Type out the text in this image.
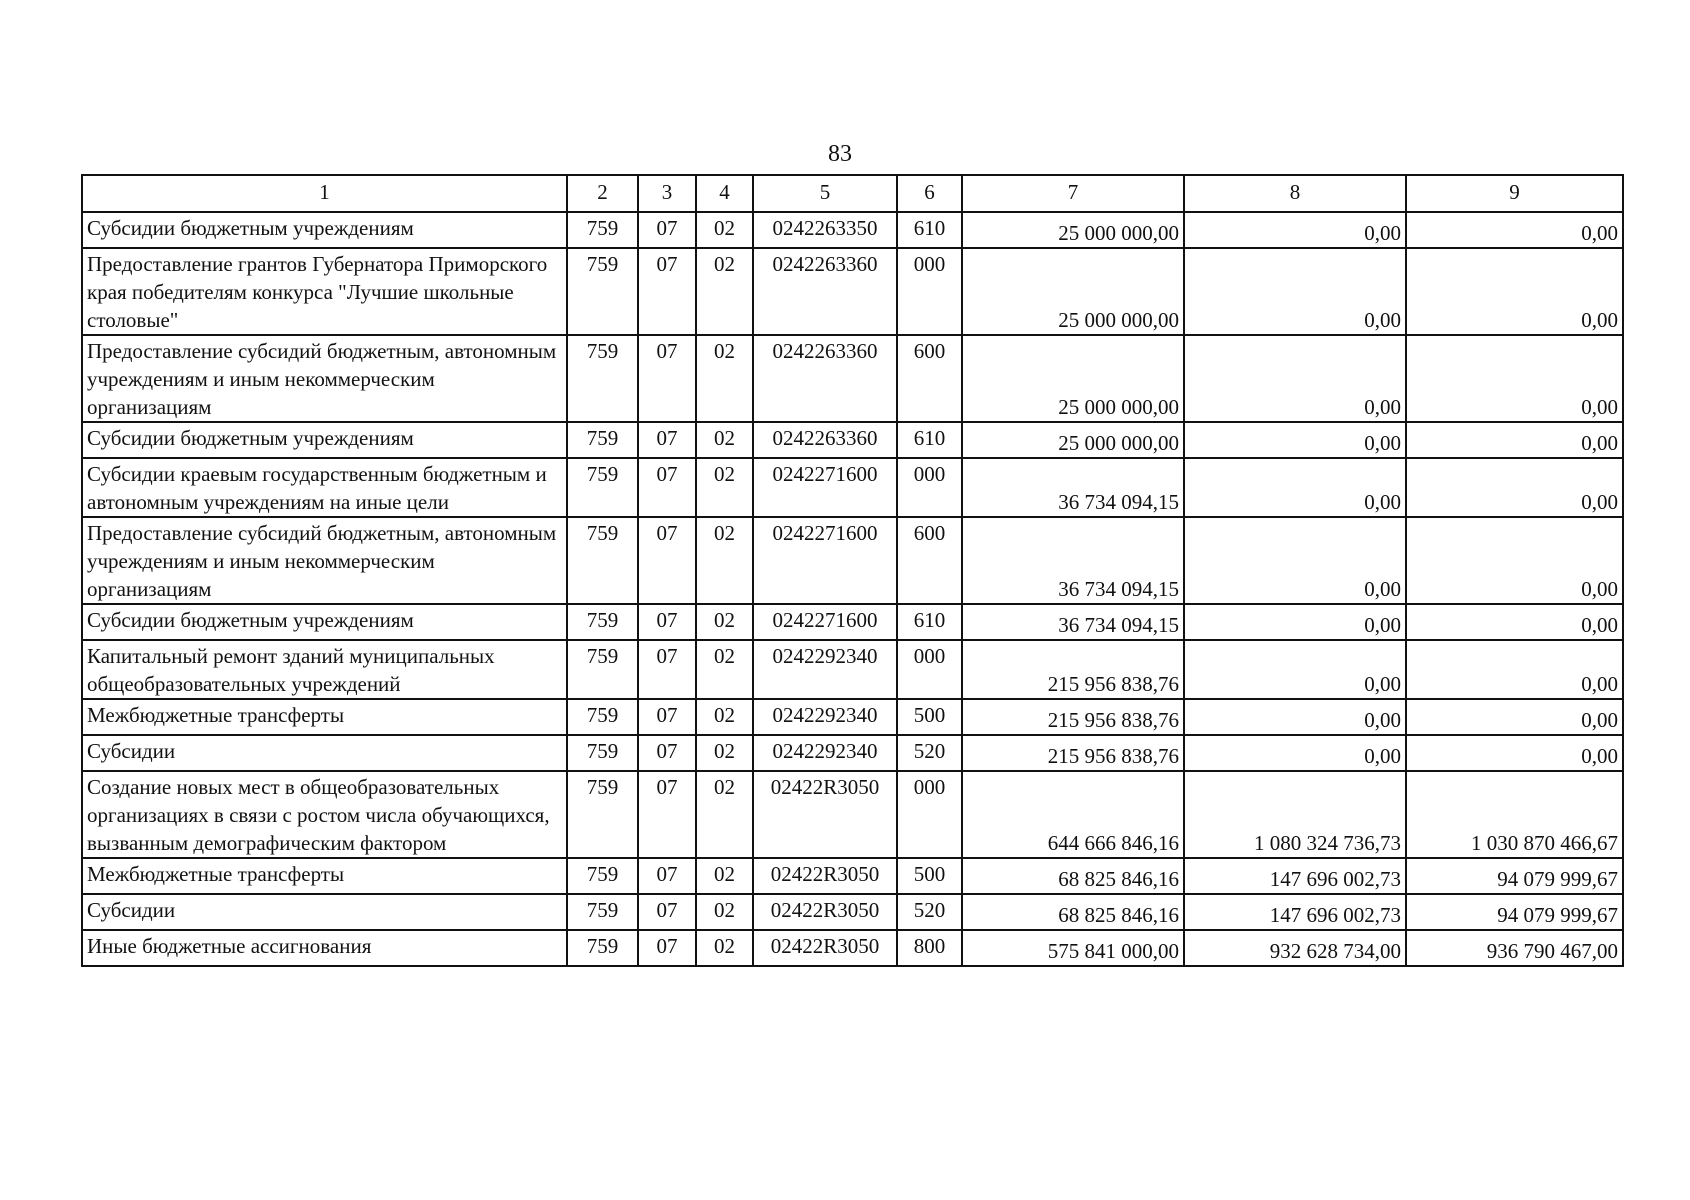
83
1	2	3	4	5	6	7	8	9
Субсидии бюджетным учреждениям	759	07	02	0242263350	610	25 000 000,00	0,00	0,00
Предоставление грантов Губернатора Приморского края победителям конкурса "Лучшие школьные столовые"	759	07	02	0242263360	000	25 000 000,00	0,00	0,00
Предоставление субсидий бюджетным, автономным учреждениям и иным некоммерческим организациям	759	07	02	0242263360	600	25 000 000,00	0,00	0,00
Субсидии бюджетным учреждениям	759	07	02	0242263360	610	25 000 000,00	0,00	0,00
Субсидии краевым государственным бюджетным и автономным учреждениям на иные цели	759	07	02	0242271600	000	36 734 094,15	0,00	0,00
Предоставление субсидий бюджетным, автономным учреждениям и иным некоммерческим организациям	759	07	02	0242271600	600	36 734 094,15	0,00	0,00
Субсидии бюджетным учреждениям	759	07	02	0242271600	610	36 734 094,15	0,00	0,00
Капитальный ремонт зданий муниципальных общеобразовательных учреждений	759	07	02	0242292340	000	215 956 838,76	0,00	0,00
Межбюджетные трансферты	759	07	02	0242292340	500	215 956 838,76	0,00	0,00
Субсидии	759	07	02	0242292340	520	215 956 838,76	0,00	0,00
Создание новых мест в общеобразовательных организациях в связи с ростом числа обучающихся, вызванным демографическим фактором	759	07	02	02422R3050	000	644 666 846,16	1 080 324 736,73	1 030 870 466,67
Межбюджетные трансферты	759	07	02	02422R3050	500	68 825 846,16	147 696 002,73	94 079 999,67
Субсидии	759	07	02	02422R3050	520	68 825 846,16	147 696 002,73	94 079 999,67
Иные бюджетные ассигнования	759	07	02	02422R3050	800	575 841 000,00	932 628 734,00	936 790 467,00
